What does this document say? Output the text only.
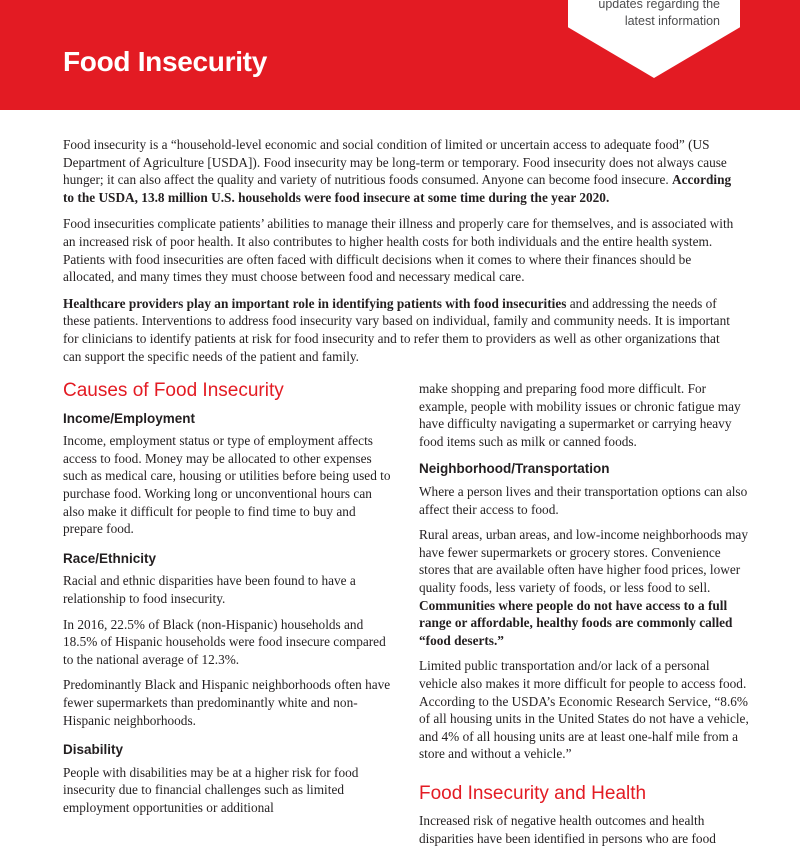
updates regarding the
latest information
Food Insecurity

Food insecurity is a “household-level economic and social condition of limited or uncertain access to adequate food” (US Department of Agriculture [USDA]). Food insecurity may be long-term or temporary. Food insecurity does not always cause hunger; it can also affect the quality and variety of nutritious foods consumed. Anyone can become food insecure. According to the USDA, 13.8 million U.S. households were food insecure at some time during the year 2020.

Food insecurities complicate patients’ abilities to manage their illness and properly care for themselves, and is associated with an increased risk of poor health. It also contributes to higher health costs for both individuals and the entire health system. Patients with food insecurities are often faced with difficult decisions when it comes to where their finances should be allocated, and many times they must choose between food and necessary medical care.

Healthcare providers play an important role in identifying patients with food insecurities and addressing the needs of these patients. Interventions to address food insecurity vary based on individual, family and community needs. It is important for clinicians to identify patients at risk for food insecurity and to refer them to providers as well as other organizations that can support the specific needs of the patient and family.

Causes of Food Insecurity
Income/Employment

Income, employment status or type of employment affects access to food. Money may be allocated to other expenses such as medical care, housing or utilities before being used to purchase food. Working long or unconventional hours can also make it difficult for people to find time to buy and prepare food.

Race/Ethnicity

Racial and ethnic disparities have been found to have a relationship to food insecurity.

In 2016, 22.5% of Black (non-Hispanic) households and 18.5% of Hispanic households were food insecure compared to the national average of 12.3%.

Predominantly Black and Hispanic neighborhoods often have fewer supermarkets than predominantly white and non-Hispanic neighborhoods.

Disability

People with disabilities may be at a higher risk for food insecurity due to financial challenges such as limited employment opportunities or additional

make shopping and preparing food more difficult. For example, people with mobility issues or chronic fatigue may have difficulty navigating a supermarket or carrying heavy food items such as milk or canned foods.

Neighborhood/Transportation

Where a person lives and their transportation options can also affect their access to food.

Rural areas, urban areas, and low-income neighborhoods may have fewer supermarkets or grocery stores. Convenience stores that are available often have higher food prices, lower quality foods, less variety of foods, or less food to sell. Communities where people do not have access to a full range or affordable, healthy foods are commonly called “food deserts.”

Limited public transportation and/or lack of a personal vehicle also makes it more difficult for people to access food. According to the USDA’s Economic Research Service, “8.6% of all housing units in the United States do not have a vehicle, and 4% of all housing units are at least one-half mile from a store and without a vehicle.”

Food Insecurity and Health

Increased risk of negative health outcomes and health disparities have been identified in persons who are food
